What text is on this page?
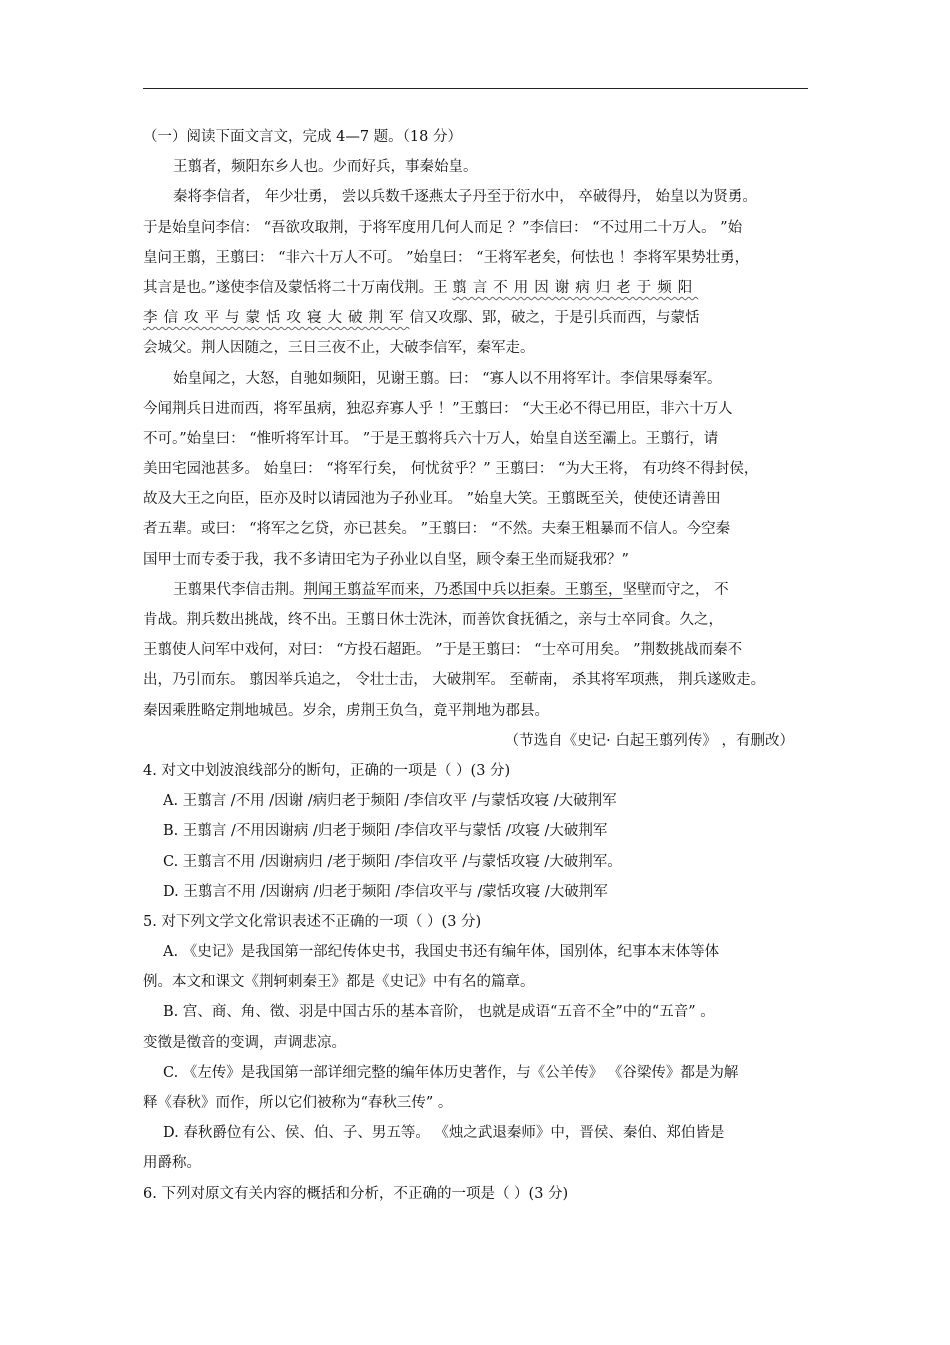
（一）阅读下面文言文，完成 4—7 题。（18 分）
王翦者，频阳东乡人也。少而好兵，事秦始皇。
秦将李信者， 年少壮勇， 尝以兵数千逐燕太子丹至于衍水中， 卒破得丹， 始皇以为贤勇。
于是始皇问李信： “吾欲攻取荆，于将军度用几何人而足 ？”李信曰： “不过用二十万人。 ”始
皇问王翦，王翦曰： “非六十万人不可。 ”始皇曰： “王将军老矣，何怯也 ！李将军果势壮勇，
其言是也。”遂使李信及蒙恬将二十万南伐荆。王 翦言不用因谢病归老于频阳
李信攻平与蒙恬攻寝大破荆军信又攻鄢、郢，破之，于是引兵而西，与蒙恬
会城父。荆人因随之，三日三夜不止，大破李信军，秦军走。
始皇闻之，大怒，自驰如频阳，见谢王翦。曰： “寡人以不用将军计。李信果辱秦军。
今闻荆兵日进而西，将军虽病，独忍弃寡人乎 ！”王翦曰： “大王必不得已用臣，非六十万人
不可。”始皇曰： “惟听将军计耳。 ”于是王翦将兵六十万人，始皇自送至灞上。王翦行，请
美田宅园池甚多。 始皇曰： “将军行矣， 何忧贫乎？” 王翦曰： “为大王将， 有功终不得封侯，
故及大王之向臣，臣亦及时以请园池为子孙业耳。 ”始皇大笑。王翦既至关，使使还请善田
者五辈。或曰： “将军之乞贷，亦已甚矣。 ”王翦曰： “不然。夫秦王粗暴而不信人。今空秦
国甲士而专委于我，我不多请田宅为子孙业以自坚，顾令秦王坐而疑我邪？”
王翦果代李信击荆。荆闻王翦益军而来，乃悉国中兵以拒秦。王翦至，坚壁而守之， 不
肯战。荆兵数出挑战，终不出。王翦日休士洗沐，而善饮食抚循之，亲与士卒同食。久之，
王翦使人问军中戏何，对曰： “方投石超距。 ”于是王翦曰： “士卒可用矣。 ”荆数挑战而秦不
出，乃引而东。 翦因举兵追之， 令壮士击， 大破荆军。 至蕲南， 杀其将军项燕， 荆兵遂败走。
秦因乘胜略定荆地城邑。岁余，虏荆王负刍，竟平荆地为郡县。
（节选自《史记· 白起王翦列传》 ，有删改）
4. 对文中划波浪线部分的断句，正确的一项是（ ）(3 分)
A. 王翦言 /不用 /因谢 /病归老于频阳 /李信攻平 /与蒙恬攻寝 /大破荆军
B. 王翦言 /不用因谢病 /归老于频阳 /李信攻平与蒙恬 /攻寝 /大破荆军
C. 王翦言不用 /因谢病归 /老于频阳 /李信攻平 /与蒙恬攻寝 /大破荆军。
D. 王翦言不用 /因谢病 /归老于频阳 /李信攻平与 /蒙恬攻寝 /大破荆军
5. 对下列文学文化常识表述不正确的一项（ ）(3 分)
A. 《史记》是我国第一部纪传体史书，我国史书还有编年体，国别体，纪事本末体等体
例。本文和课文《荆轲刺秦王》都是《史记》中有名的篇章。
B. 宫、商、角、徵、羽是中国古乐的基本音阶， 也就是成语“五音不全”中的“五音” 。
变徵是徵音的变调，声调悲凉。
C. 《左传》是我国第一部详细完整的编年体历史著作，与《公羊传》 《谷梁传》都是为解
释《春秋》而作，所以它们被称为“春秋三传” 。
D. 春秋爵位有公、侯、伯、子、男五等。 《烛之武退秦师》中，晋侯、秦伯、郑伯皆是
用爵称。
6. 下列对原文有关内容的概括和分析，不正确的一项是（ ）(3 分)
